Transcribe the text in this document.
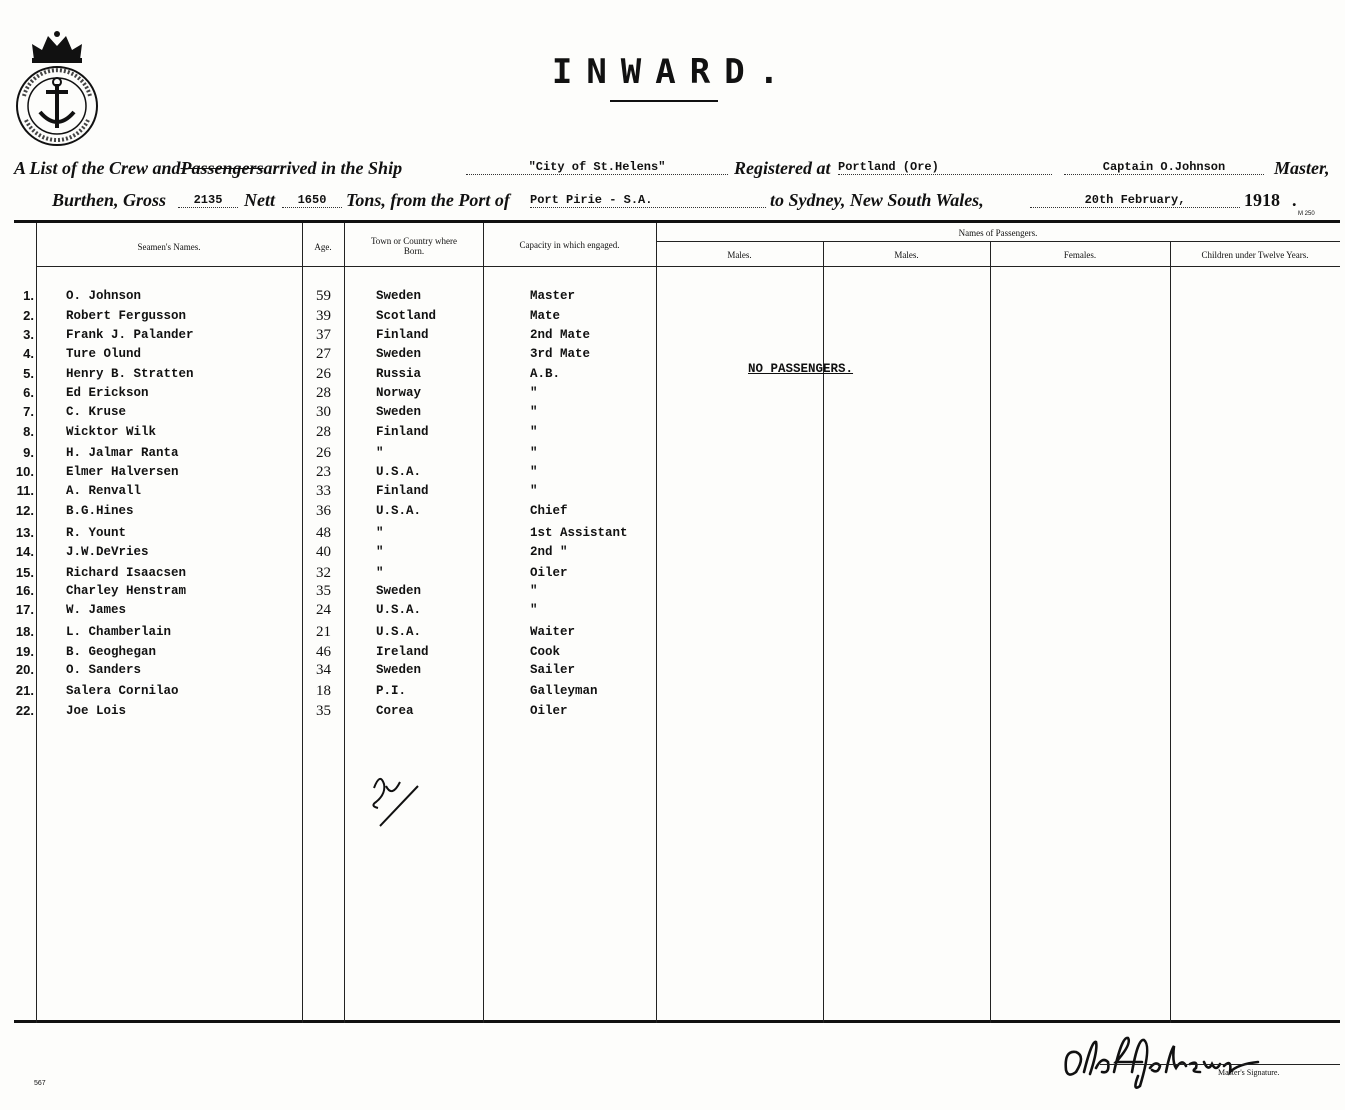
INWARD.
A List of the Crew andPassengersarrived in the Ship	"City of St.Helens"	Registered at Portland (Ore)	Captain O.Johnson	Master,
Burthen, Gross	2135	Nett	1650	Tons, from the Port of Port Pirie - S.A.	to Sydney, New South Wales,	20th February,	1918 .
M 250
Seamen's Names.	Age.
Town or Country where Born.
Capacity in which engaged.
Names of Passengers.
Males.	Males.	Females.	Children under Twelve Years.
NO PASSENGERS.
1.	O. Johnson	59	Sweden	Master
2.	Robert Fergusson	39	Scotland	Mate
3.	Frank J. Palander	37	Finland	2nd Mate
4.	Ture Olund	27	Sweden	3rd Mate
5.	Henry B. Stratten	26	Russia	A.B.
6.	Ed Erickson	28	Norway	"
7.	C. Kruse	30	Sweden	"
8.	Wicktor Wilk	28	Finland	"
9.	H. Jalmar Ranta	26	"	"
10.	Elmer Halversen	23	U.S.A.	"
11.	A. Renvall	33	Finland	"
12.	B.G.Hines	36	U.S.A.	Chief
13.	R. Yount	48	"	1st Assistant
14.	J.W.DeVries	40	"	2nd "
15.	Richard Isaacsen	32	"	Oiler
16.	Charley Henstram	35	Sweden	"
17.	W. James	24	U.S.A.	"
18.	L. Chamberlain	21	U.S.A.	Waiter
19.	B. Geoghegan	46	Ireland	Cook
20.	O. Sanders	34	Sweden	Sailer
21.	Salera Cornilao	18	P.I.	Galleyman
22.	Joe Lois	35	Corea	Oiler
Master's Signature.
567
